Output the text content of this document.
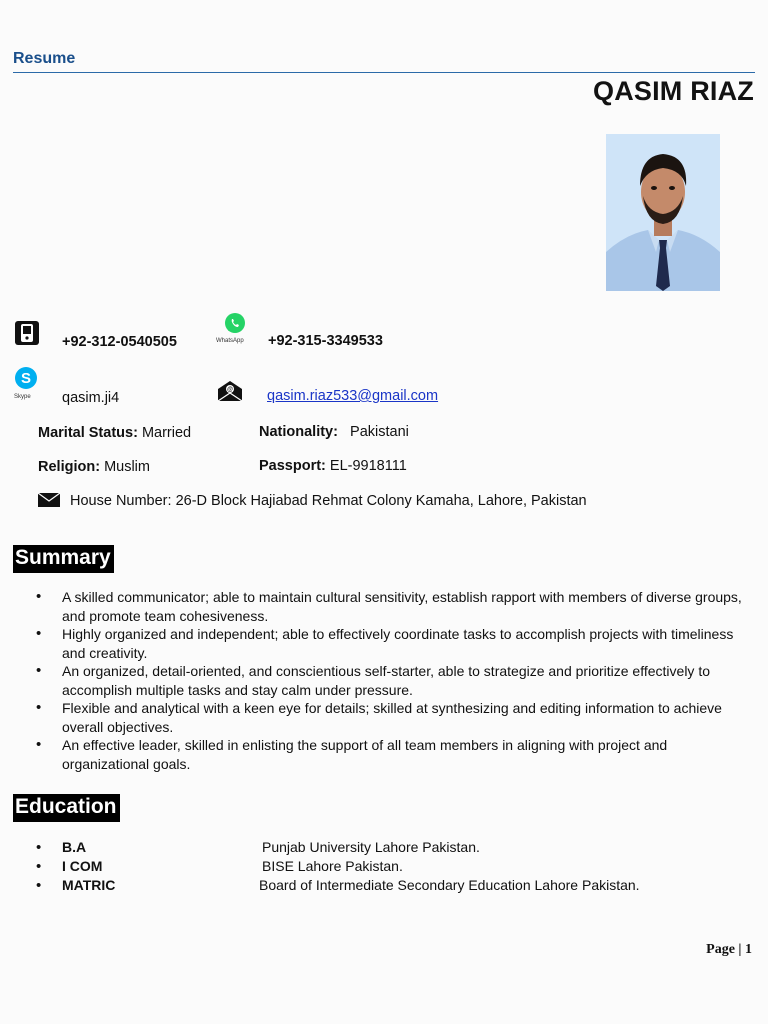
Resume
QASIM RIAZ
+92-312-0540505	WhatsApp +92-315-3349533
S
Skype qasim.ji4	@ qasim.riaz533@gmail.com
Marital Status: Married	Nationality: Pakistani
Religion: Muslim	Passport: EL-9918111
House Number: 26-D Block Hajiabad Rehmat Colony Kamaha, Lahore, Pakistan
Summary
• A skilled communicator; able to maintain cultural sensitivity, establish rapport with members of diverse groups, and promote team cohesiveness.
• Highly organized and independent; able to effectively coordinate tasks to accomplish projects with timeliness and creativity.
• An organized, detail-oriented, and conscientious self-starter, able to strategize and prioritize effectively to accomplish multiple tasks and stay calm under pressure.
• Flexible and analytical with a keen eye for details; skilled at synthesizing and editing information to achieve overall objectives.
• An effective leader, skilled in enlisting the support of all team members in aligning with project and organizational goals.
Education
• B.A	Punjab University Lahore Pakistan.
• I COM	BISE Lahore Pakistan.
• MATRIC	Board of Intermediate Secondary Education Lahore Pakistan.
Page | 1
